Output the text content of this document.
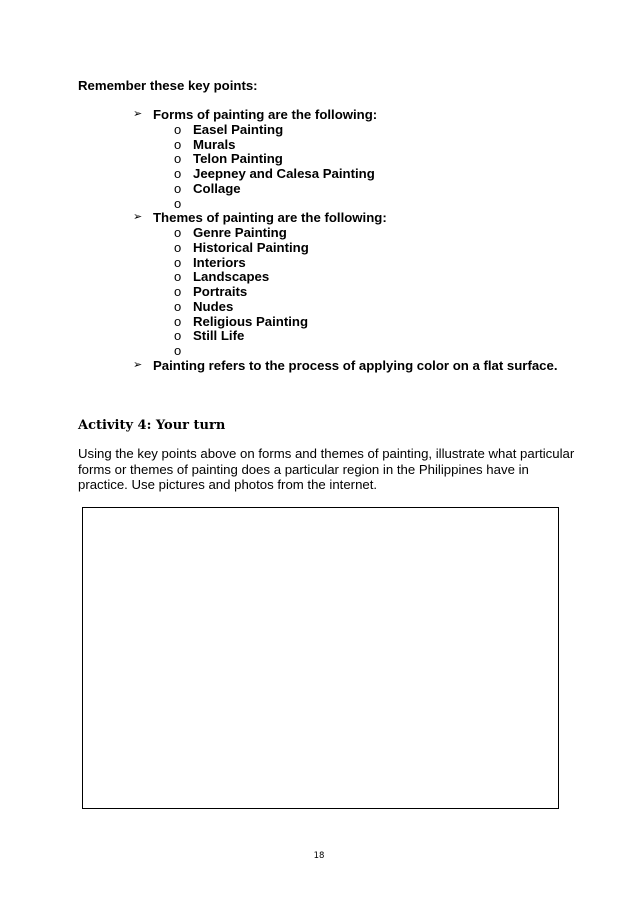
Remember these key points:

➢ Forms of painting are the following:
o Easel Painting
o Murals
o Telon Painting
o Jeepney and Calesa Painting
o Collage
o
➢ Themes of painting are the following:
o Genre Painting
o Historical Painting
o Interiors
o Landscapes
o Portraits
o Nudes
o Religious Painting
o Still Life
o
➢ Painting refers to the process of applying color on a flat surface.

Activity 4: Your turn

Using the key points above on forms and themes of painting, illustrate what particular forms or themes of painting does a particular region in the Philippines have in practice. Use pictures and photos from the internet.

18
